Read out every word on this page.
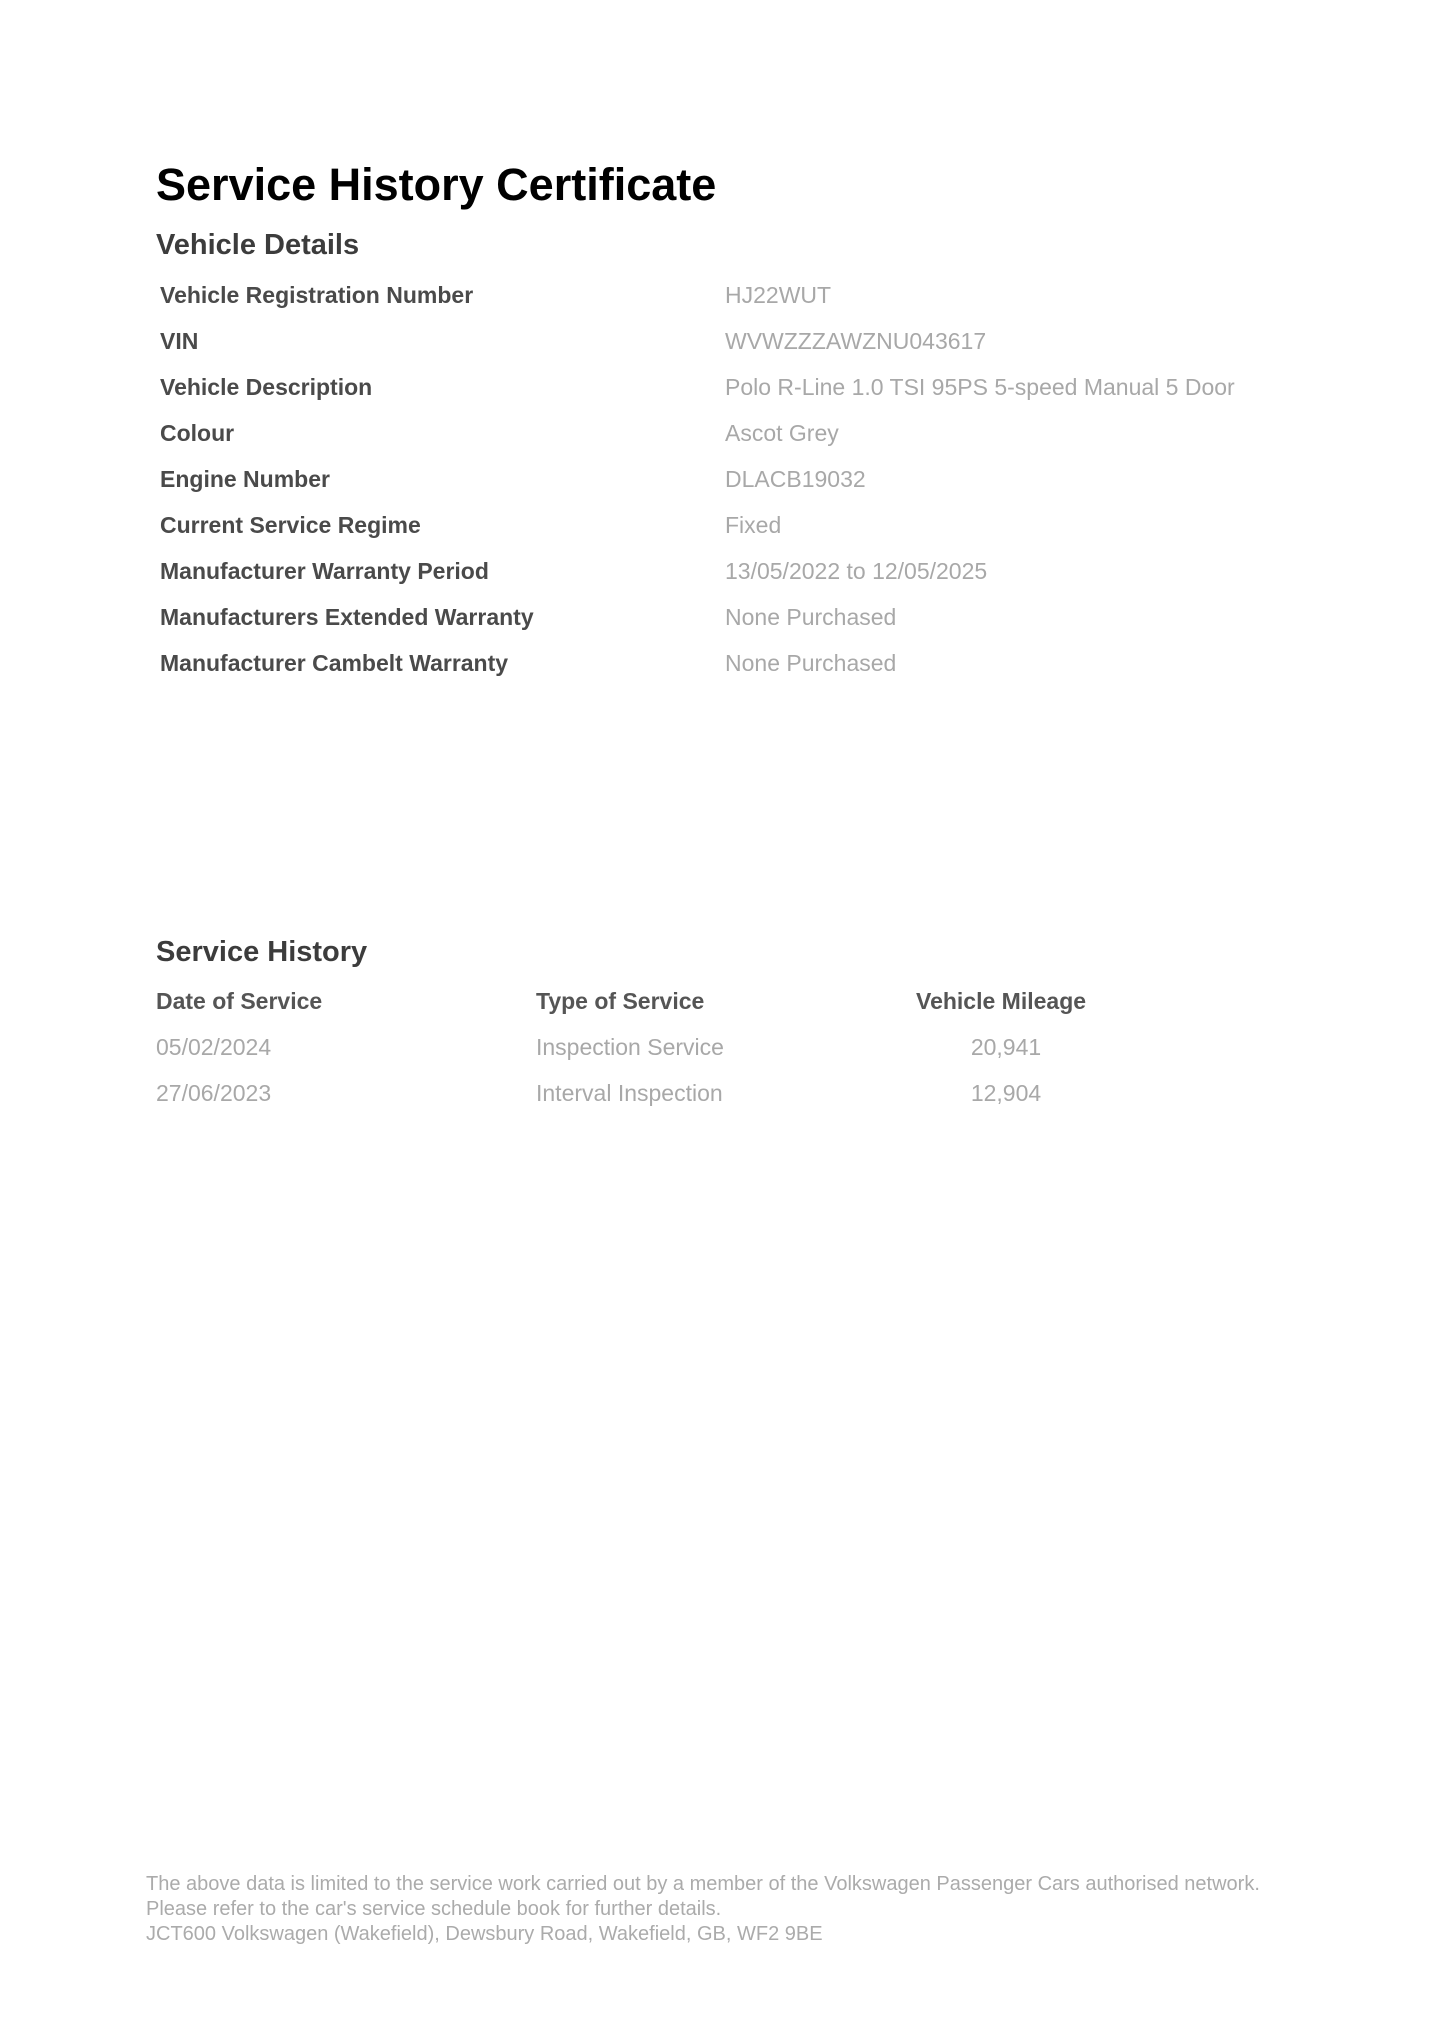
Service History Certificate
Vehicle Details
Vehicle Registration Number	HJ22WUT
VIN	WVWZZZAWZNU043617
Vehicle Description	Polo R-Line 1.0 TSI 95PS 5-speed Manual 5 Door
Colour	Ascot Grey
Engine Number	DLACB19032
Current Service Regime	Fixed
Manufacturer Warranty Period	13/05/2022 to 12/05/2025
Manufacturers Extended Warranty	None Purchased
Manufacturer Cambelt Warranty	None Purchased
Service History
Date of Service	Type of Service	Vehicle Mileage
05/02/2024	Inspection Service	20,941
27/06/2023	Interval Inspection	12,904
The above data is limited to the service work carried out by a member of the Volkswagen Passenger Cars authorised network.
Please refer to the car's service schedule book for further details.
JCT600 Volkswagen (Wakefield), Dewsbury Road, Wakefield, GB, WF2 9BE
